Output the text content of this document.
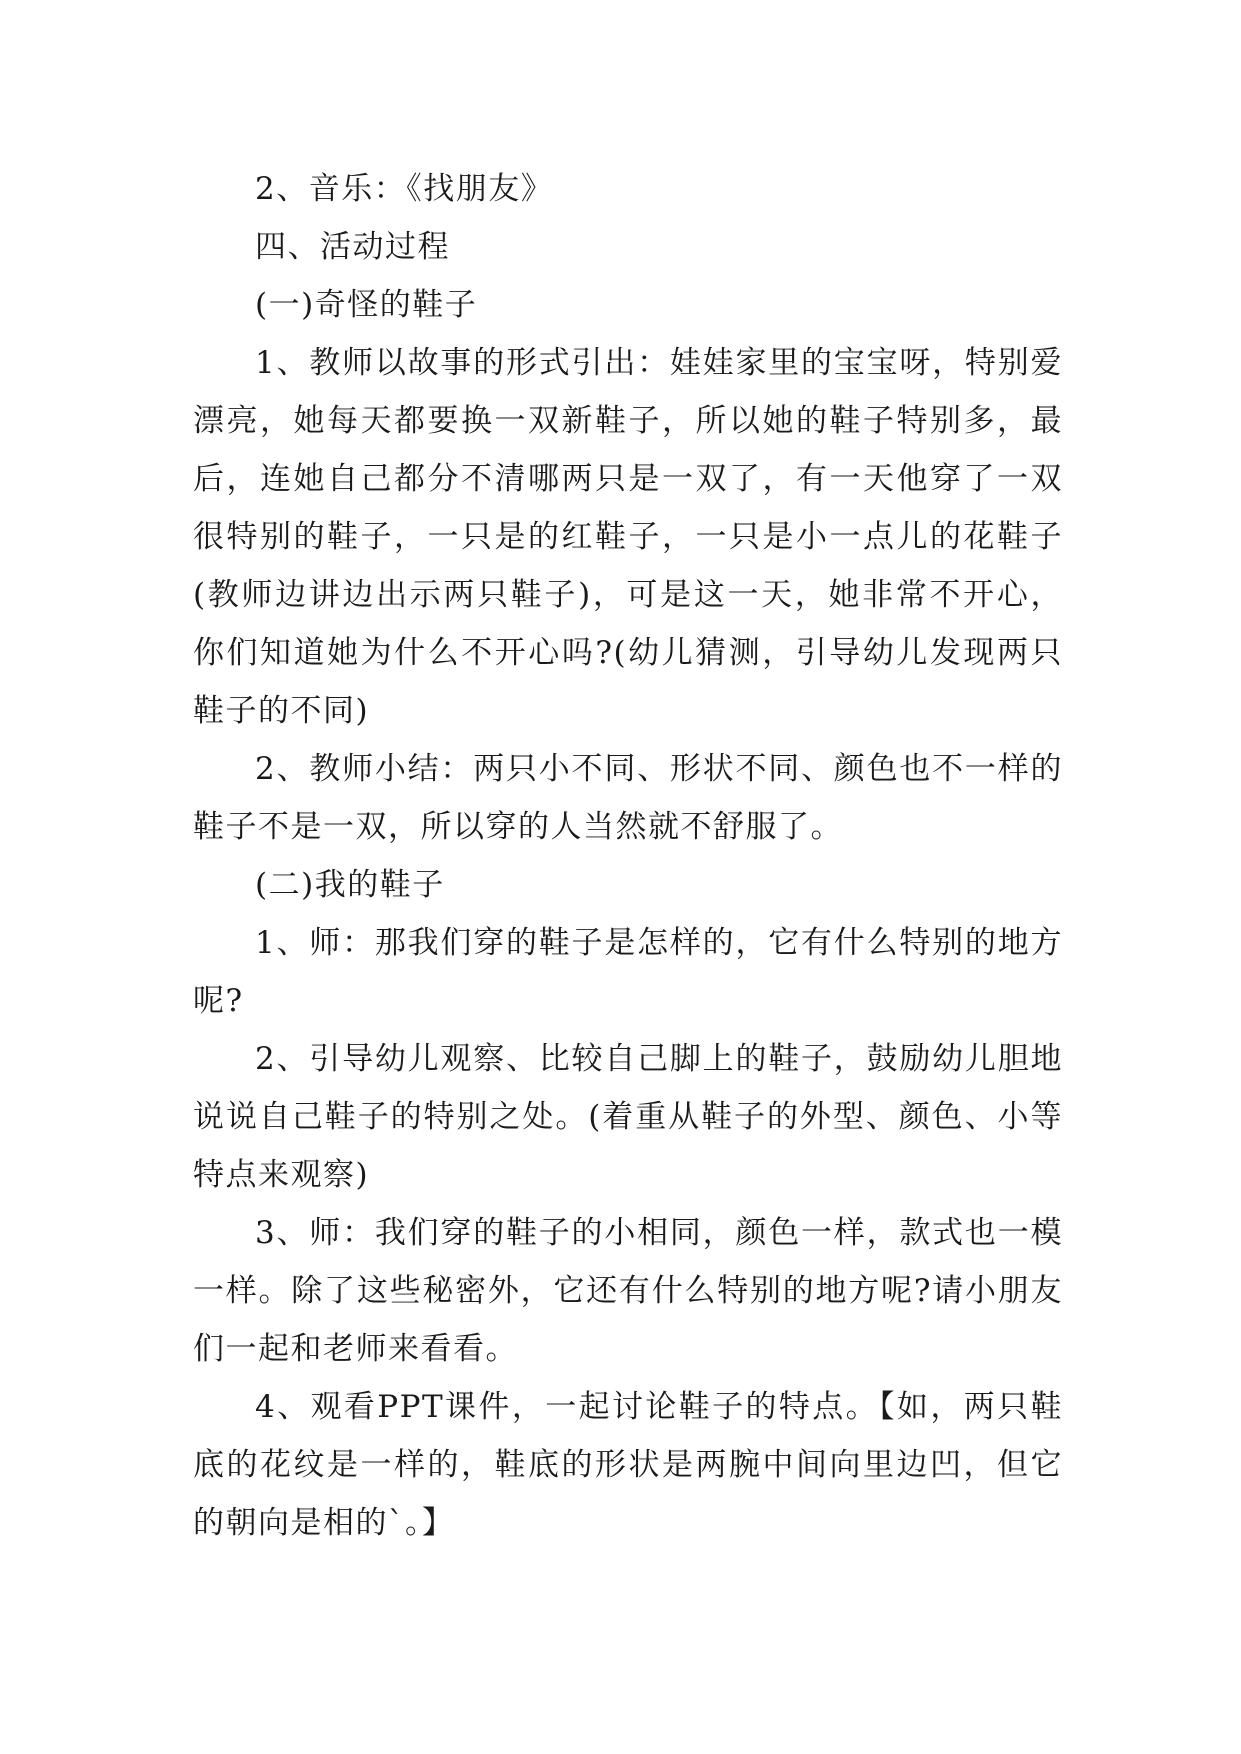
2、音乐：《找朋友》

四、活动过程

(一)奇怪的鞋子

1、教师以故事的形式引出：娃娃家里的宝宝呀，特别爱漂亮，她每天都要换一双新鞋子，所以她的鞋子特别多，最后，连她自己都分不清哪两只是一双了，有一天他穿了一双很特别的鞋子，一只是的红鞋子，一只是小一点儿的花鞋子(教师边讲边出示两只鞋子)，可是这一天，她非常不开心，你们知道她为什么不开心吗?(幼儿猜测，引导幼儿发现两只鞋子的不同)

2、教师小结：两只小不同、形状不同、颜色也不一样的鞋子不是一双，所以穿的人当然就不舒服了。

(二)我的鞋子

1、师：那我们穿的鞋子是怎样的，它有什么特别的地方呢?

2、引导幼儿观察、比较自己脚上的鞋子，鼓励幼儿胆地说说自己鞋子的特别之处。(着重从鞋子的外型、颜色、小等特点来观察)

3、师：我们穿的鞋子的小相同，颜色一样，款式也一模一样。除了这些秘密外，它还有什么特别的地方呢?请小朋友们一起和老师来看看。

4、观看PPT课件，一起讨论鞋子的特点。【如，两只鞋底的花纹是一样的，鞋底的形状是两腕中间向里边凹，但它的朝向是相的`。】
